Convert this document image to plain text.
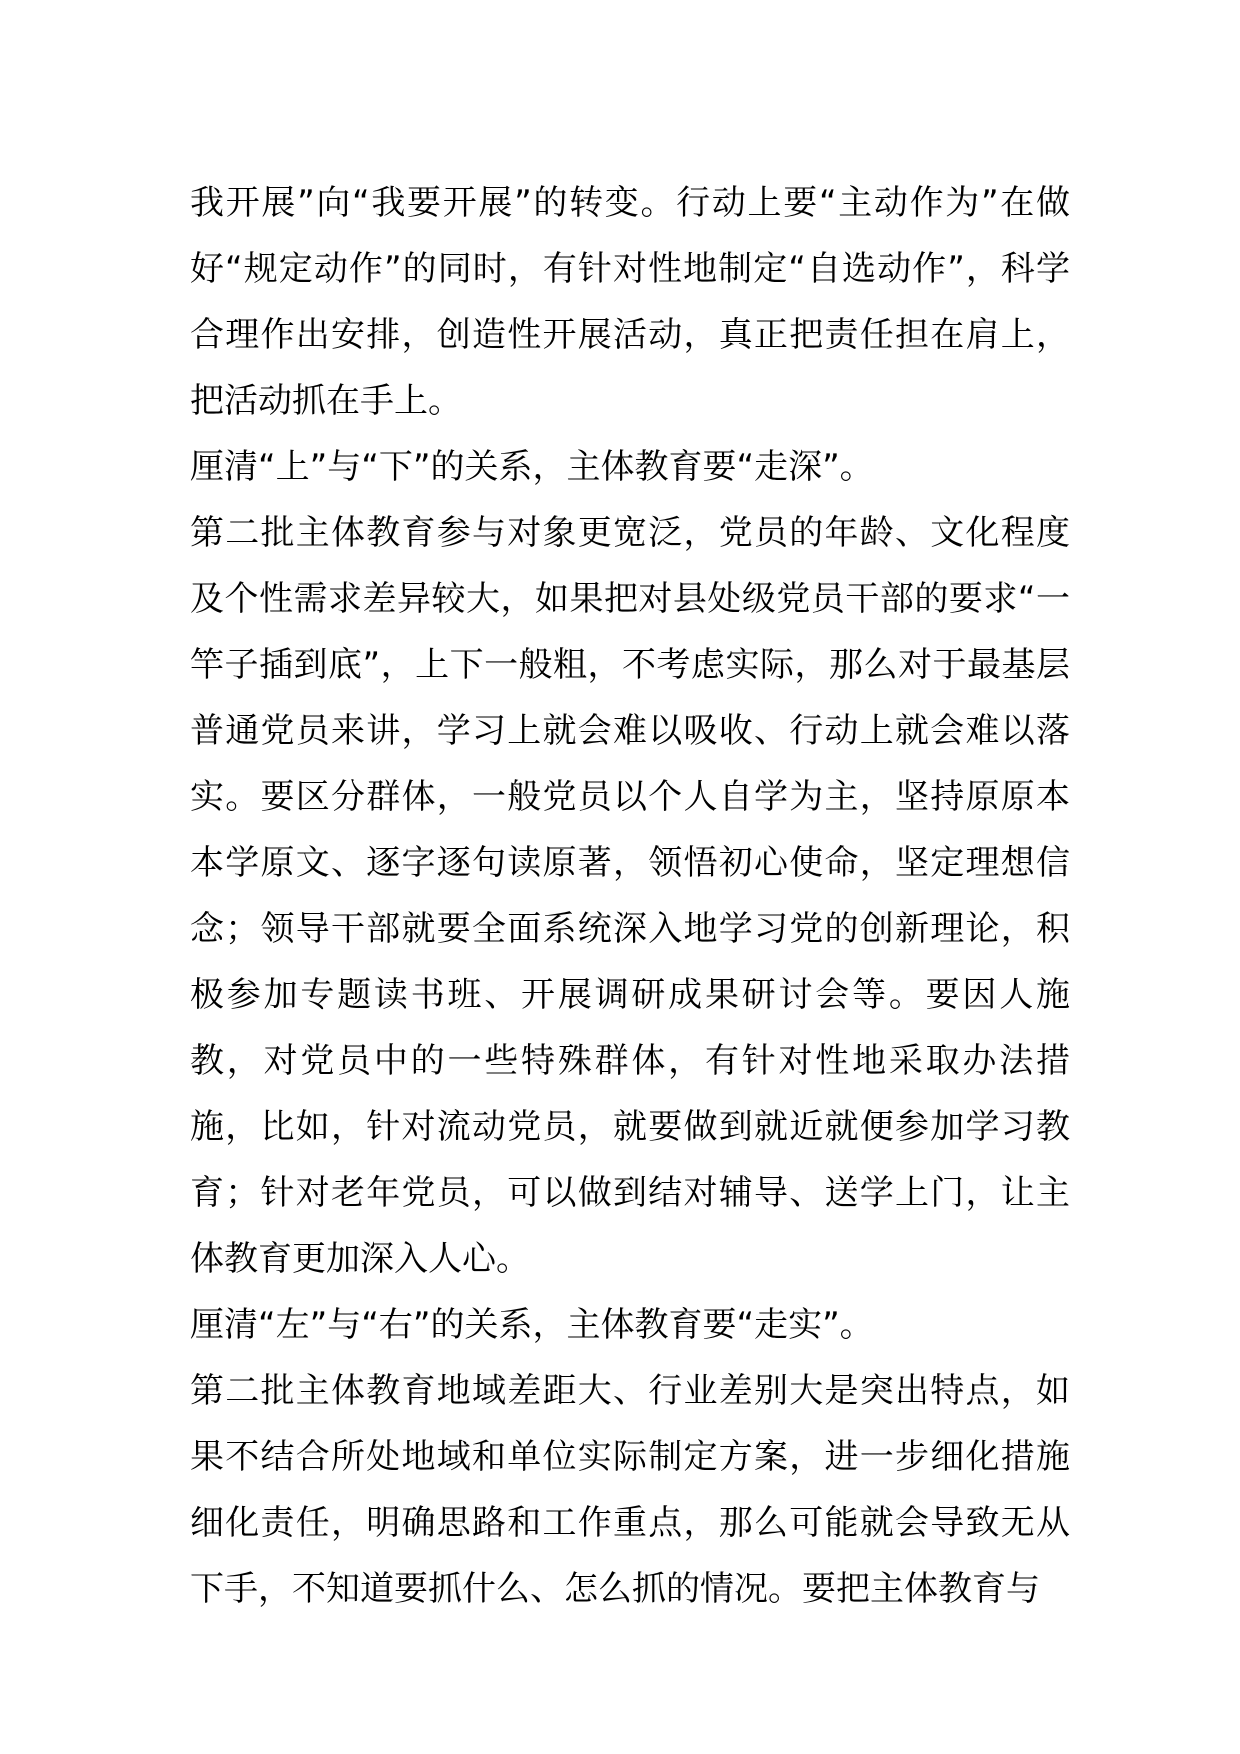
我开展”向“我要开展”的转变。行动上要“主动作为”在做好“规定动作”的同时，有针对性地制定“自选动作”，科学合理作出安排，创造性开展活动，真正把责任担在肩上，把活动抓在手上。

厘清“上”与“下”的关系，主体教育要“走深”。

第二批主体教育参与对象更宽泛，党员的年龄、文化程度及个性需求差异较大，如果把对县处级党员干部的要求“一竿子插到底”，上下一般粗，不考虑实际，那么对于最基层普通党员来讲，学习上就会难以吸收、行动上就会难以落实。要区分群体，一般党员以个人自学为主，坚持原原本本学原文、逐字逐句读原著，领悟初心使命，坚定理想信念；领导干部就要全面系统深入地学习党的创新理论，积极参加专题读书班、开展调研成果研讨会等。要因人施教，对党员中的一些特殊群体，有针对性地采取办法措施，比如，针对流动党员，就要做到就近就便参加学习教育；针对老年党员，可以做到结对辅导、送学上门，让主体教育更加深入人心。

厘清“左”与“右”的关系，主体教育要“走实”。

第二批主体教育地域差距大、行业差别大是突出特点，如果不结合所处地域和单位实际制定方案，进一步细化措施细化责任，明确思路和工作重点，那么可能就会导致无从下手，不知道要抓什么、怎么抓的情况。要把主体教育与
